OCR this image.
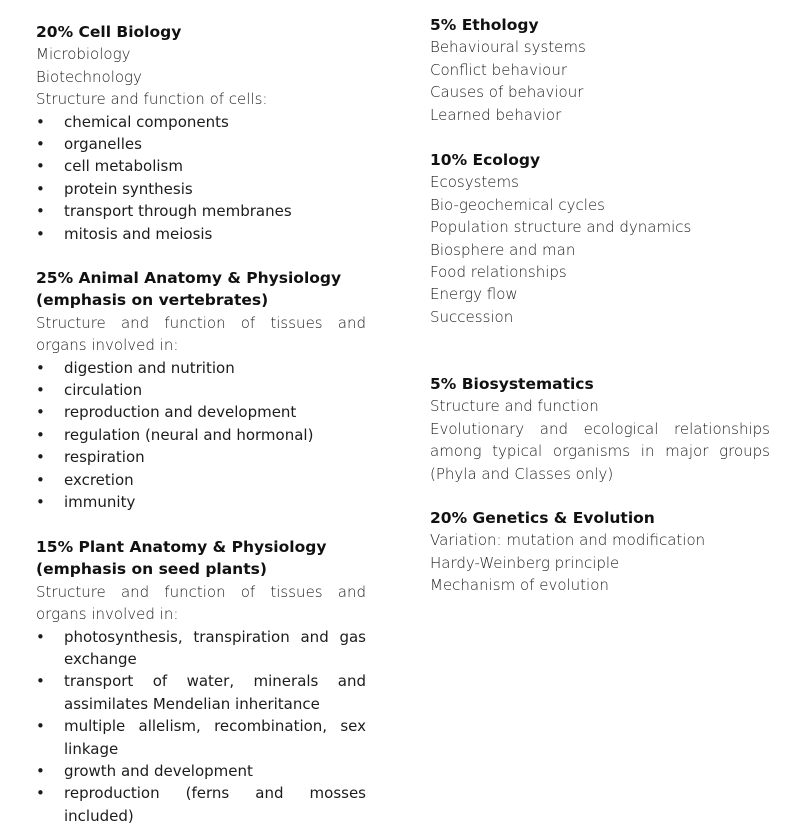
20% Cell Biology

Microbiology

Biotechnology

Structure and function of cells:

• chemical components
• organelles
• cell metabolism
• protein synthesis
• transport through membranes
• mitosis and meiosis

25% Animal Anatomy & Physiology

(emphasis on vertebrates)

Structure and function of tissues and organs involved in:

• digestion and nutrition
• circulation
• reproduction and development
• regulation (neural and hormonal)
• respiration
• excretion
• immunity

15% Plant Anatomy & Physiology

(emphasis on seed plants)

Structure and function of tissues and organs involved in:

• photosynthesis, transpiration and gas exchange
• transport of water, minerals and assimilates Mendelian inheritance
• multiple allelism, recombination, sex linkage
• growth and development
• reproduction (ferns and mosses included)

5% Ethology

Behavioural systems

Conflict behaviour

Causes of behaviour

Learned behavior

10% Ecology

Ecosystems

Bio-geochemical cycles

Population structure and dynamics

Biosphere and man

Food relationships

Energy flow

Succession

5% Biosystematics

Structure and function

Evolutionary and ecological relationships among typical organisms in major groups (Phyla and Classes only)

20% Genetics & Evolution

Variation: mutation and modification

Hardy-Weinberg principle

Mechanism of evolution
